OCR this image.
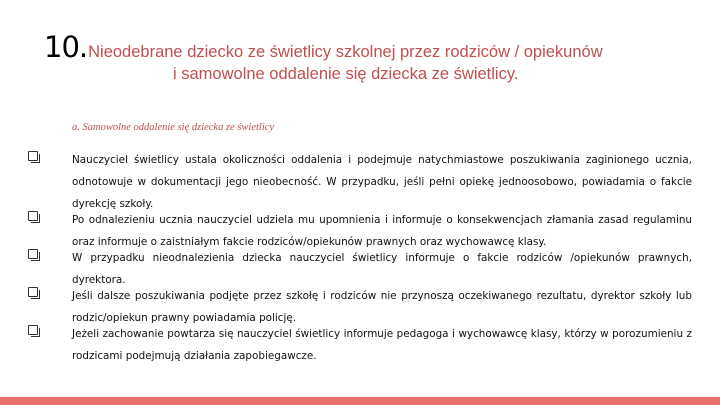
10.Nieodebrane dziecko ze świetlicy szkolnej przez rodziców / opiekunów
i samowolne oddalenie się dziecka ze świetlicy.
a. Samowolne oddalenie się dziecka ze świetlicy
Nauczyciel świetlicy ustala okoliczności oddalenia i podejmuje natychmiastowe poszukiwania zaginionego ucznia, odnotowuje w dokumentacji jego nieobecność. W przypadku, jeśli pełni opiekę jednoosobowo, powiadamia o fakcie dyrekcję szkoły.
Po odnalezieniu ucznia nauczyciel udziela mu upomnienia i informuje o konsekwencjach złamania zasad regulaminu oraz informuje o zaistniałym fakcie rodziców/opiekunów prawnych oraz wychowawcę klasy.
W przypadku nieodnalezienia dziecka nauczyciel świetlicy informuje o fakcie rodziców /opiekunów prawnych, dyrektora.
Jeśli dalsze poszukiwania podjęte przez szkołę i rodziców nie przynoszą oczekiwanego rezultatu, dyrektor szkoły lub rodzic/opiekun prawny powiadamia policję.
Jeżeli zachowanie powtarza się nauczyciel świetlicy informuje pedagoga i wychowawcę klasy, którzy w porozumieniu z rodzicami podejmują działania zapobiegawcze.
